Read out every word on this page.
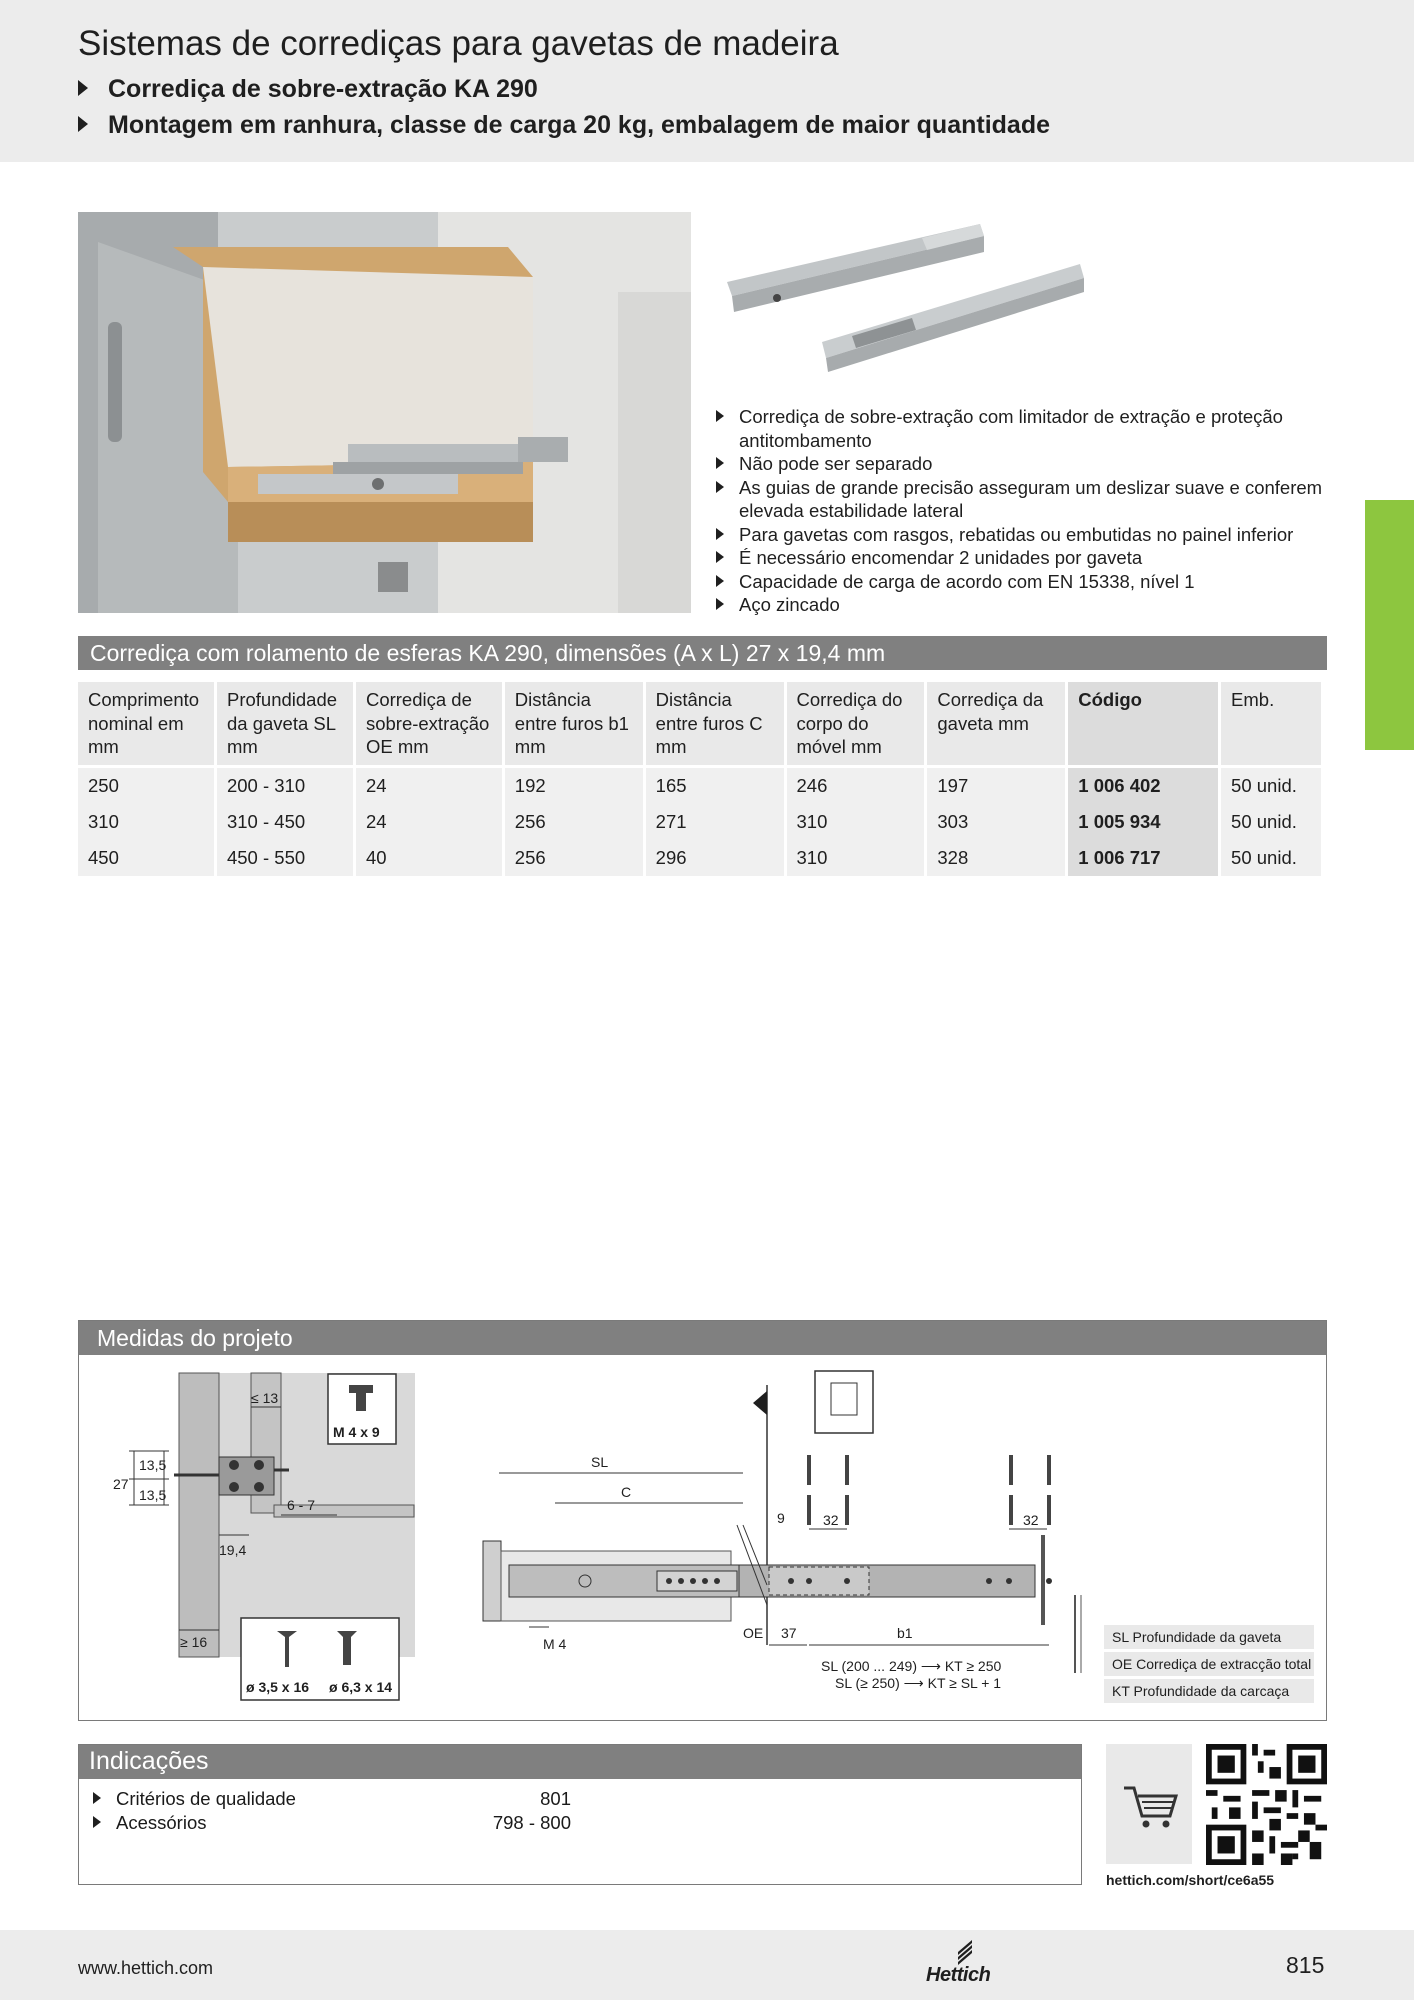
Sistemas de corrediças para gavetas de madeira
Corrediça de sobre-extração KA 290
Montagem em ranhura, classe de carga 20 kg, embalagem de maior quantidade
Corrediça de sobre-extração com limitador de extração e proteção antitombamento
Não pode ser separado
As guias de grande precisão asseguram um deslizar suave e conferem elevada estabilidade lateral
Para gavetas com rasgos, rebatidas ou embutidas no painel inferior
É necessário encomendar 2 unidades por gaveta
Capacidade de carga de acordo com EN 15338, nível 1
Aço zincado
Corrediça com rolamento de esferas KA 290, dimensões (A x L) 27 x 19,4 mm
Comprimento nominal em mm	Profundidade da gaveta SL mm	Corrediça de sobre-extração OE mm	Distância entre furos b1 mm	Distância entre furos C mm	Corrediça do corpo do móvel mm	Corrediça da gaveta mm	Código	Emb.
250	200 - 310	24	192	165	246	197	1 006 402	50 unid.
310	310 - 450	24	256	271	310	303	1 005 934	50 unid.
450	450 - 550	40	256	296	310	328	1 006 717	50 unid.
Medidas do projeto
27
13,5
13,5
≤ 13
6 - 7
19,4
≥ 16
M 4 x 9
ø 3,5 x 16 ø 6,3 x 14
SL
C
9	32	32
M 4
OE 37	b1
SL (200 ... 249) ⟶ KT ≥ 250
SL (≥ 250) ⟶ KT ≥ SL + 1
SL Profundidade da gaveta
OE Corrediça de extracção total
KT Profundidade da carcaça
Indicações
Critérios de qualidade	801
Acessórios	798 - 800
hettich.com/short/ce6a55
www.hettich.com	Hettich	815
